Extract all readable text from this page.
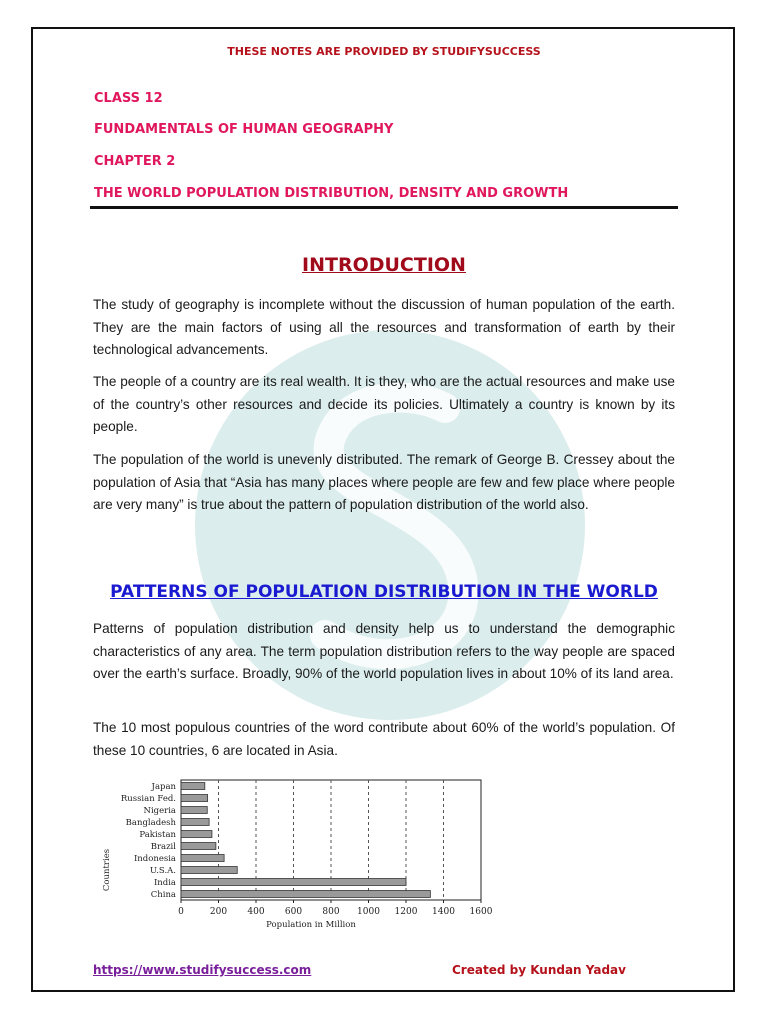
THESE NOTES ARE PROVIDED BY STUDIFYSUCCESS
CLASS 12
FUNDAMENTALS OF HUMAN GEOGRAPHY
CHAPTER 2
THE WORLD POPULATION DISTRIBUTION, DENSITY AND GROWTH
INTRODUCTION

The study of geography is incomplete without the discussion of human population of the earth. They are the main factors of using all the resources and transformation of earth by their technological advancements.

The people of a country are its real wealth. It is they, who are the actual resources and make use of the country’s other resources and decide its policies. Ultimately a country is known by its people.

The population of the world is unevenly distributed. The remark of George B. Cressey about the population of Asia that “Asia has many places where people are few and few place where people are very many” is true about the pattern of population distribution of the world also.

PATTERNS OF POPULATION DISTRIBUTION IN THE WORLD

Patterns of population distribution and density help us to understand the demographic characteristics of any area. The term population distribution refers to the way people are spaced over the earth’s surface. Broadly, 90% of the world population lives in about 10% of its land area.

The 10 most populous countries of the word contribute about 60% of the world’s population. Of these 10 countries, 6 are located in Asia.

0	200 400 600 800 1000 1200 1400 1600
Japan
Russian Fed.
Nigeria
Bangladesh
Pakistan
Brazil
Indonesia
U.S.A.
India
China
Population in Million
Countries
https://www.studifysuccess.com	Created by Kundan Yadav
